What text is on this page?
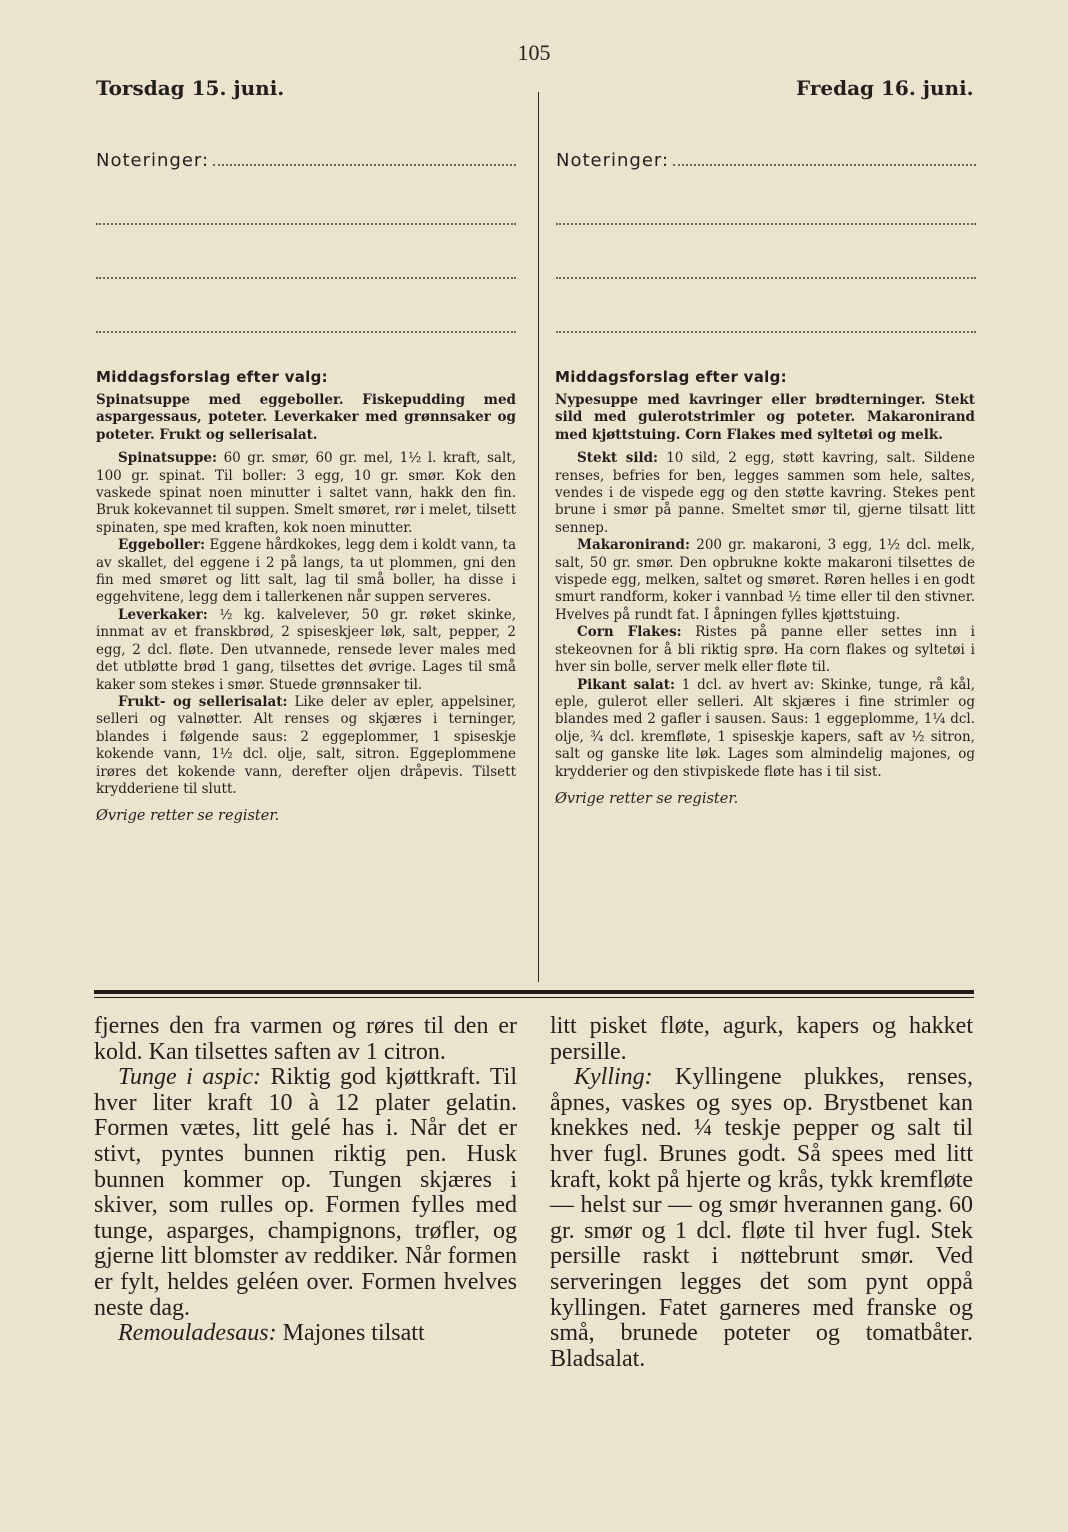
105
Torsdag 15. juni.	Fredag 16. juni.
Noteringer:	Noteringer:
Middagsforslag efter valg:

Spinatsuppe med eggeboller. Fiskepudding med aspargessaus, poteter. Leverkaker med grønnsaker og poteter. Frukt og sellerisalat.

Spinatsuppe: 60 gr. smør, 60 gr. mel, 1½ l. kraft, salt, 100 gr. spinat. Til boller: 3 egg, 10 gr. smør. Kok den vaskede spinat noen minutter i saltet vann, hakk den fin. Bruk kokevannet til suppen. Smelt smøret, rør i melet, tilsett spinaten, spe med kraften, kok noen minutter.

Eggeboller: Eggene hårdkokes, legg dem i koldt vann, ta av skallet, del eggene i 2 på langs, ta ut plommen, gni den fin med smøret og litt salt, lag til små boller, ha disse i eggehvitene, legg dem i tallerkenen når suppen serveres.

Leverkaker: ½ kg. kalvelever, 50 gr. røket skinke, innmat av et franskbrød, 2 spiseskjeer løk, salt, pepper, 2 egg, 2 dcl. fløte. Den utvannede, rensede lever males med det utbløtte brød 1 gang, tilsettes det øvrige. Lages til små kaker som stekes i smør. Stuede grønnsaker til.

Frukt- og sellerisalat: Like deler av epler, appelsiner, selleri og valnøtter. Alt renses og skjæres i terninger, blandes i følgende saus: 2 eggeplommer, 1 spiseskje kokende vann, 1½ dcl. olje, salt, sitron. Eggeplommene irøres det kokende vann, derefter oljen dråpevis. Tilsett krydderiene til slutt.

Øvrige retter se register.
Middagsforslag efter valg:

Nypesuppe med kavringer eller brødterninger. Stekt sild med gulerotstrimler og poteter. Makaronirand med kjøttstuing. Corn Flakes med syltetøi og melk.

Stekt sild: 10 sild, 2 egg, støtt kavring, salt. Sildene renses, befries for ben, legges sammen som hele, saltes, vendes i de vispede egg og den støtte kavring. Stekes pent brune i smør på panne. Smeltet smør til, gjerne tilsatt litt sennep.

Makaronirand: 200 gr. makaroni, 3 egg, 1½ dcl. melk, salt, 50 gr. smør. Den opbrukne kokte makaroni tilsettes de vispede egg, melken, saltet og smøret. Røren helles i en godt smurt randform, koker i vannbad ½ time eller til den stivner. Hvelves på rundt fat. I åpningen fylles kjøttstuing.

Corn Flakes: Ristes på panne eller settes inn i stekeovnen for å bli riktig sprø. Ha corn flakes og syltetøi i hver sin bolle, server melk eller fløte til.

Pikant salat: 1 dcl. av hvert av: Skinke, tunge, rå kål, eple, gulerot eller selleri. Alt skjæres i fine strimler og blandes med 2 gafler i sausen. Saus: 1 eggeplomme, 1¼ dcl. olje, ¾ dcl. kremfløte, 1 spiseskje kapers, saft av ½ sitron, salt og ganske lite løk. Lages som almindelig majones, og krydderier og den stivpiskede fløte has i til sist.

Øvrige retter se register.

fjernes den fra varmen og røres til den er kold. Kan tilsettes saften av 1 citron.

Tunge i aspic: Riktig god kjøttkraft. Til hver liter kraft 10 à 12 plater gelatin. Formen vætes, litt gelé has i. Når det er stivt, pyntes bunnen riktig pen. Husk bunnen kommer op. Tungen skjæres i skiver, som rulles op. Formen fylles med tunge, asparges, champignons, trøfler, og gjerne litt blomster av reddiker. Når formen er fylt, heldes geléen over. Formen hvelves neste dag.

Remouladesaus: Majones tilsatt

litt pisket fløte, agurk, kapers og hakket persille.

Kylling: Kyllingene plukkes, renses, åpnes, vaskes og syes op. Brystbenet kan knekkes ned. ¼ teskje pepper og salt til hver fugl. Brunes godt. Så spees med litt kraft, kokt på hjerte og krås, tykk kremfløte — helst sur — og smør hverannen gang. 60 gr. smør og 1 dcl. fløte til hver fugl. Stek persille raskt i nøttebrunt smør. Ved serveringen legges det som pynt oppå kyllingen. Fatet garneres med franske og små, brunede poteter og tomatbåter. Bladsalat.
